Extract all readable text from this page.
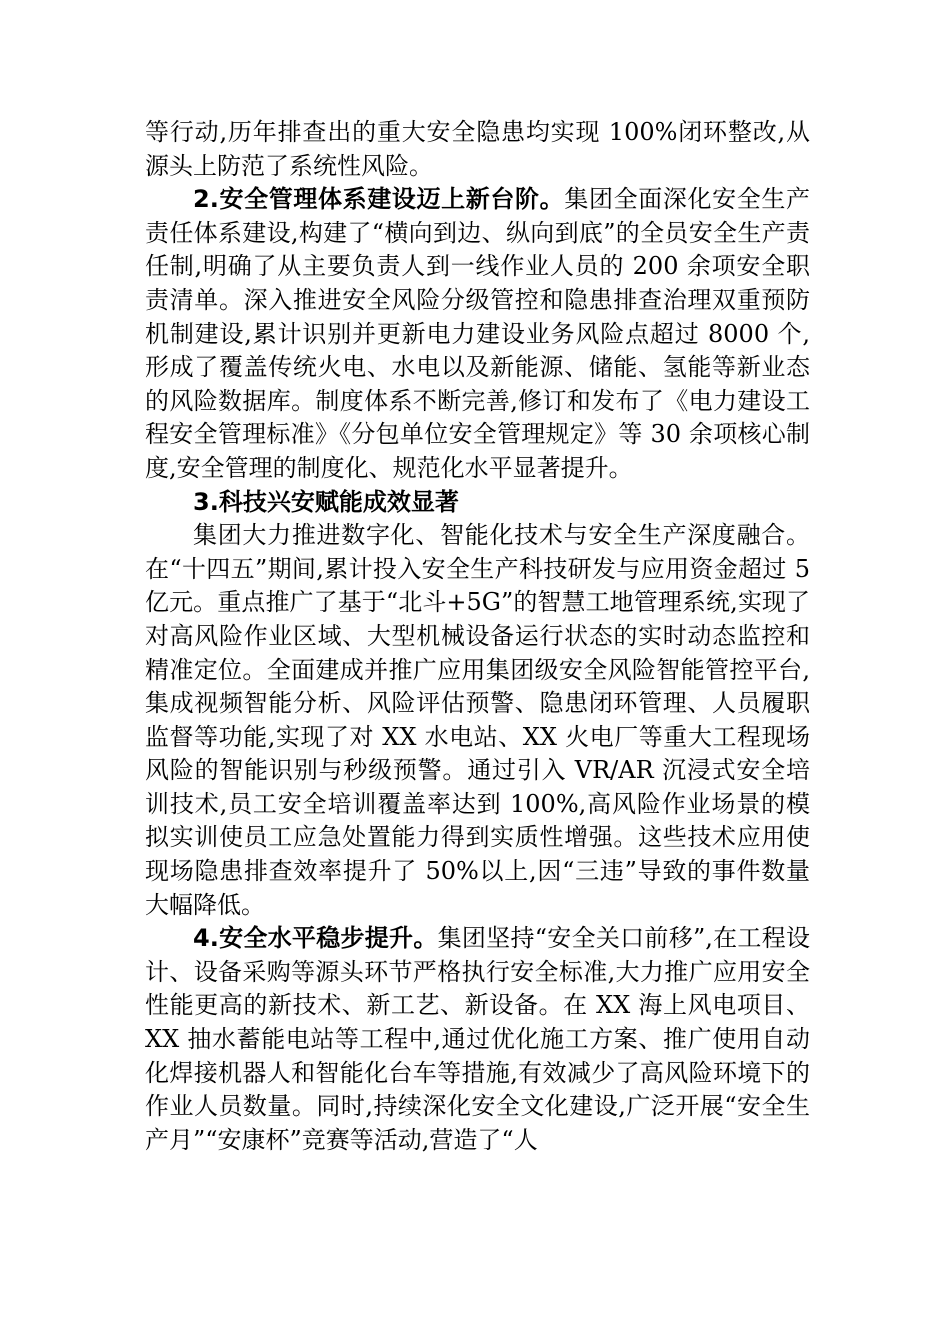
等行动,历年排查出的重大安全隐患均实现 100%闭环整改,从源头上防范了系统性风险。

2.安全管理体系建设迈上新台阶。集团全面深化安全生产责任体系建设,构建了“横向到边、纵向到底”的全员安全生产责任制,明确了从主要负责人到一线作业人员的 200 余项安全职责清单。深入推进安全风险分级管控和隐患排查治理双重预防机制建设,累计识别并更新电力建设业务风险点超过 8000 个,形成了覆盖传统火电、水电以及新能源、储能、氢能等新业态的风险数据库。制度体系不断完善,修订和发布了《电力建设工程安全管理标准》《分包单位安全管理规定》等 30 余项核心制度,安全管理的制度化、规范化水平显著提升。

3.科技兴安赋能成效显著

集团大力推进数字化、智能化技术与安全生产深度融合。在“十四五”期间,累计投入安全生产科技研发与应用资金超过 5 亿元。重点推广了基于“北斗+5G”的智慧工地管理系统,实现了对高风险作业区域、大型机械设备运行状态的实时动态监控和精准定位。全面建成并推广应用集团级安全风险智能管控平台,集成视频智能分析、风险评估预警、隐患闭环管理、人员履职监督等功能,实现了对 XX 水电站、XX 火电厂等重大工程现场风险的智能识别与秒级预警。通过引入 VR/AR 沉浸式安全培训技术,员工安全培训覆盖率达到 100%,高风险作业场景的模拟实训使员工应急处置能力得到实质性增强。这些技术应用使现场隐患排查效率提升了 50%以上,因“三违”导致的事件数量大幅降低。

4.安全水平稳步提升。集团坚持“安全关口前移”,在工程设计、设备采购等源头环节严格执行安全标准,大力推广应用安全性能更高的新技术、新工艺、新设备。在 XX 海上风电项目、XX 抽水蓄能电站等工程中,通过优化施工方案、推广使用自动化焊接机器人和智能化台车等措施,有效减少了高风险环境下的作业人员数量。同时,持续深化安全文化建设,广泛开展“安全生产月”“安康杯”竞赛等活动,营造了“人
